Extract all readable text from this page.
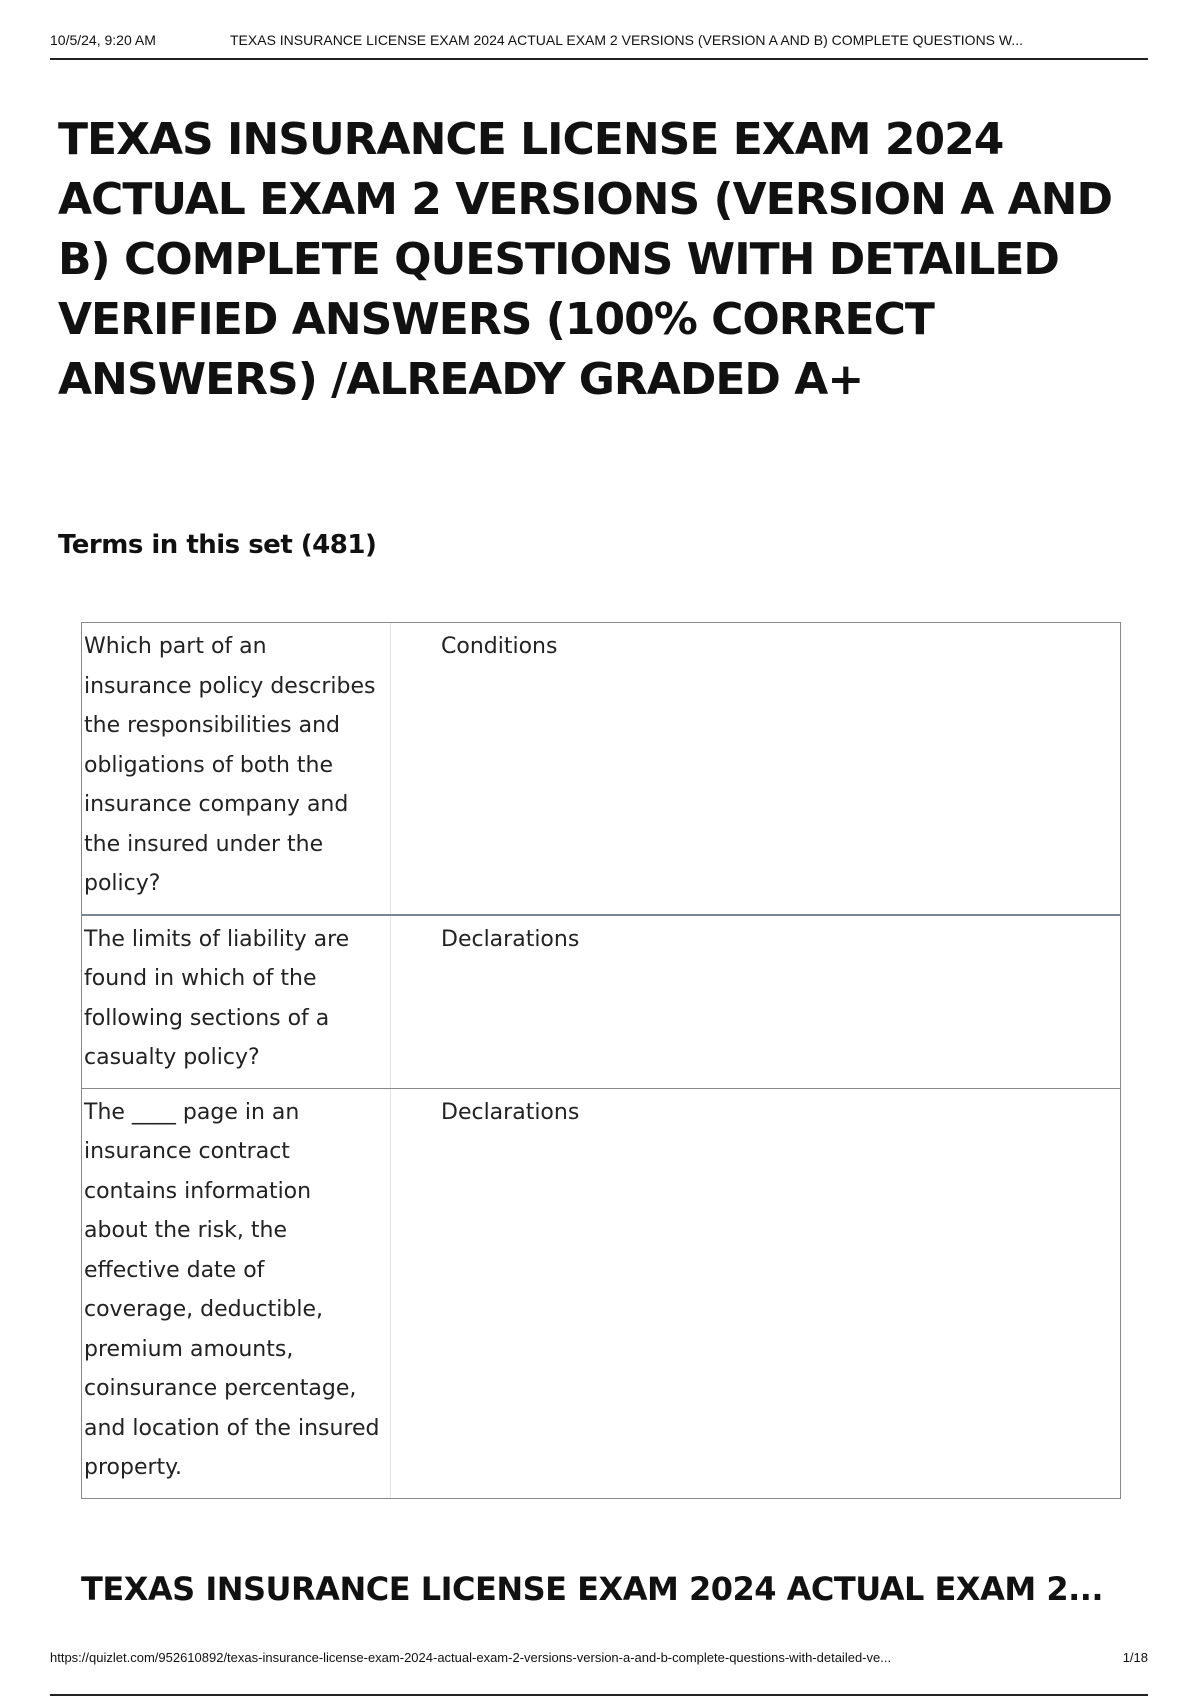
10/5/24, 9:20 AM	TEXAS INSURANCE LICENSE EXAM 2024 ACTUAL EXAM 2 VERSIONS (VERSION A AND B) COMPLETE QUESTIONS W...
TEXAS INSURANCE LICENSE EXAM 2024 ACTUAL EXAM 2 VERSIONS (VERSION A AND B) COMPLETE QUESTIONS WITH DETAILED VERIFIED ANSWERS (100% CORRECT ANSWERS) /ALREADY GRADED A+
Terms in this set (481)
Which part of an insurance policy describes the responsibilities and obligations of both the insurance company and the insured under the policy?
Conditions
The limits of liability are found in which of the following sections of a casualty policy?
Declarations
The ____ page in an insurance contract contains information about the risk, the effective date of coverage, deductible, premium amounts, coinsurance percentage, and location of the insured property.
Declarations
TEXAS INSURANCE LICENSE EXAM 2024 ACTUAL EXAM 2...
https://quizlet.com/952610892/texas-insurance-license-exam-2024-actual-exam-2-versions-version-a-and-b-complete-questions-with-detailed-ve...	1/18
